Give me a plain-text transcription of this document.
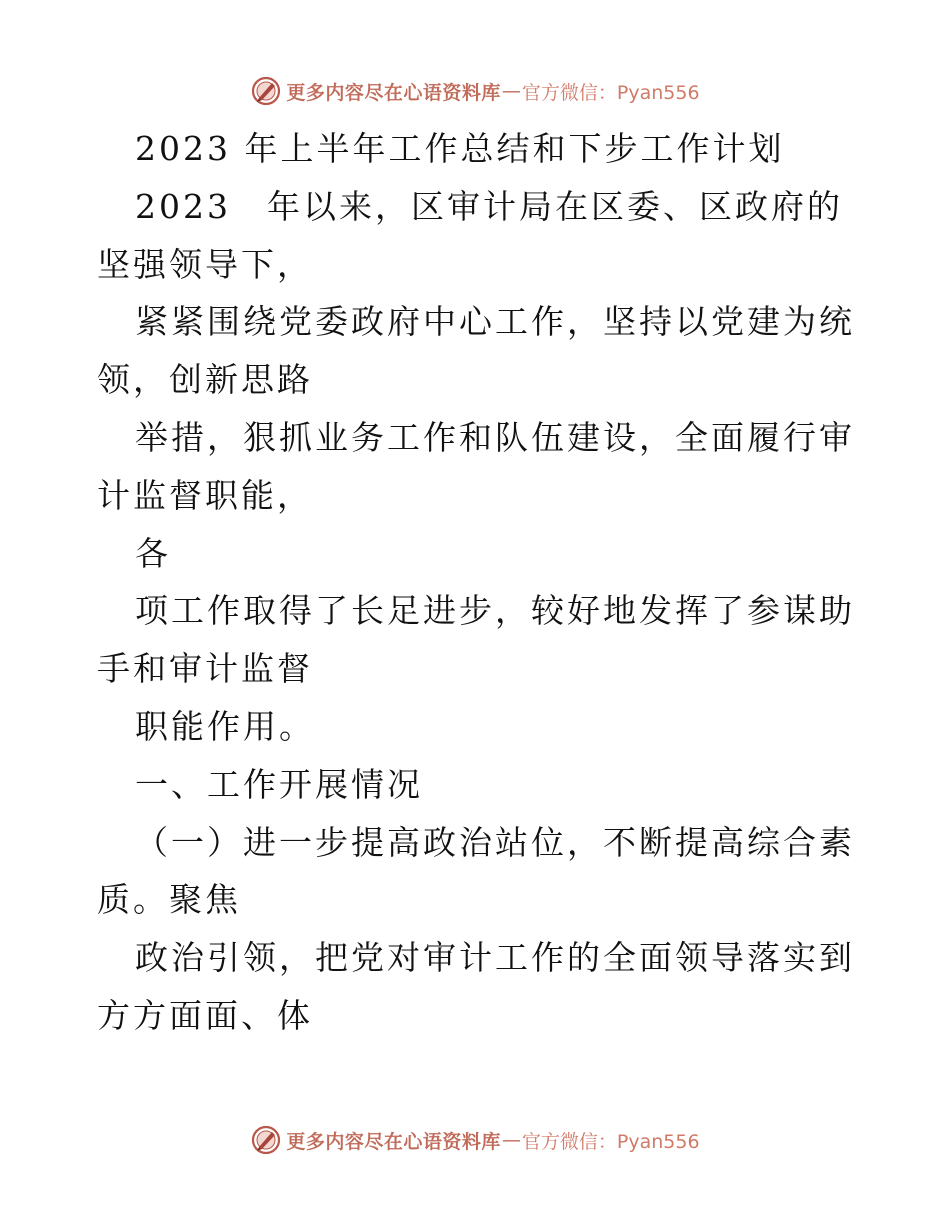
更多内容尽在心语资料库 — 官方微信：Pyan556

2023 年上半年工作总结和下步工作计划

2023　年以来，区审计局在区委、区政府的坚强领导下，

紧紧围绕党委政府中心工作，坚持以党建为统领，创新思路

举措，狠抓业务工作和队伍建设，全面履行审计监督职能，

各

项工作取得了长足进步，较好地发挥了参谋助手和审计监督

职能作用。

一、工作开展情况

（一）进一步提高政治站位，不断提高综合素质。聚焦

政治引领，把党对审计工作的全面领导落实到方方面面、体

更多内容尽在心语资料库 — 官方微信：Pyan556
